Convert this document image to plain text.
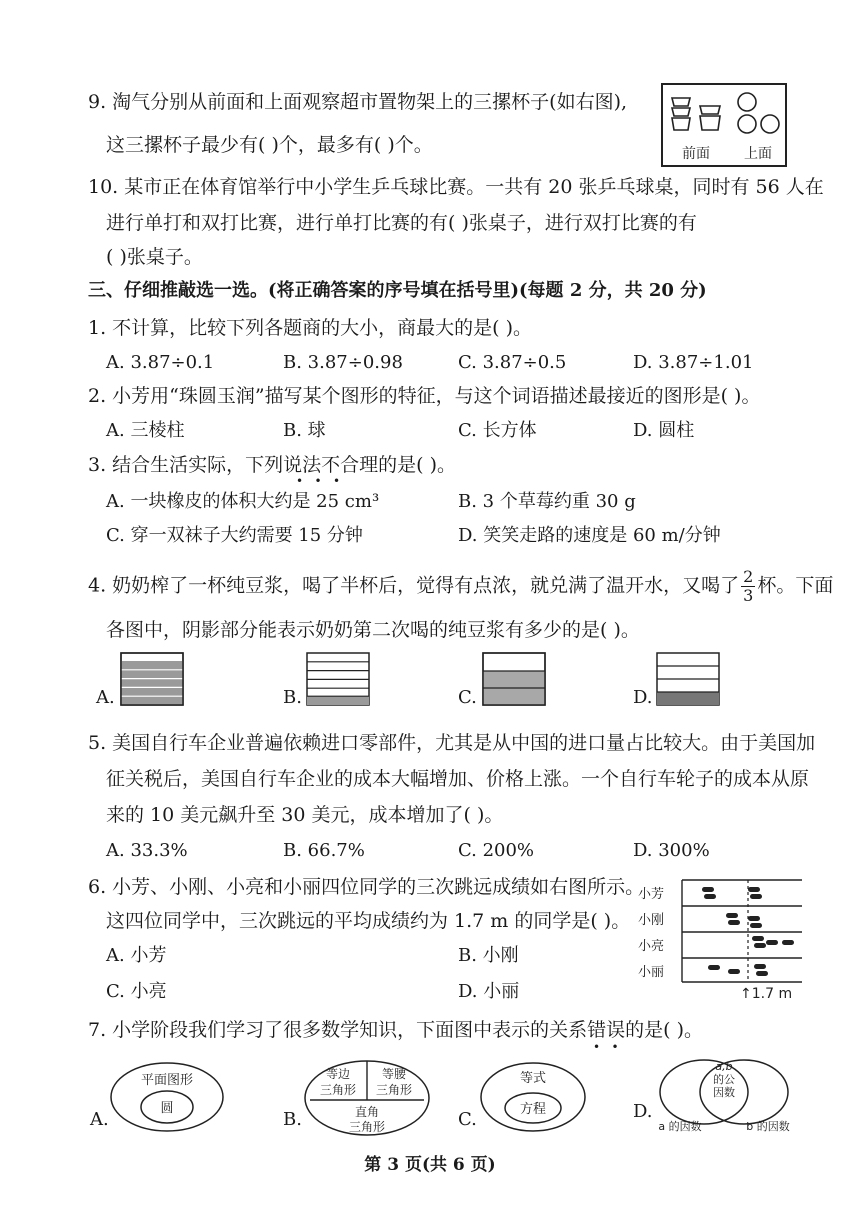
9. 淘气分别从前面和上面观察超市置物架上的三摞杯子(如右图),
这三摞杯子最少有( )个，最多有( )个。	前面 上面
10. 某市正在体育馆举行中小学生乒乓球比赛。一共有 20 张乒乓球桌，同时有 56 人在
进行单打和双打比赛，进行单打比赛的有( )张桌子，进行双打比赛的有
( )张桌子。
三、仔细推敲选一选。(将正确答案的序号填在括号里)(每题 2 分，共 20 分)
1. 不计算，比较下列各题商的大小，商最大的是( )。
A. 3.87÷0.1	B. 3.87÷0.98	C. 3.87÷0.5	D. 3.87÷1.01
2. 小芳用“珠圆玉润”描写某个图形的特征，与这个词语描述最接近的图形是( )。
A. 三棱柱	B. 球	C. 长方体	D. 圆柱
3. 结合生活实际，下列说法不合理的是( )。
•   •   •
A. 一块橡皮的体积大约是 25 cm³	B. 3 个草莓约重 30 g
C. 穿一双袜子大约需要 15 分钟	D. 笑笑走路的速度是 60 m/分钟
4. 奶奶榨了一杯纯豆浆，喝了半杯后，觉得有点浓，就兑满了温开水，又喝了 $\frac{2}{3}$ 杯。下面
各图中，阴影部分能表示奶奶第二次喝的纯豆浆有多少的是( )。
A.	B.	C.	D.
5. 美国自行车企业普遍依赖进口零部件，尤其是从中国的进口量占比较大。由于美国加
征关税后，美国自行车企业的成本大幅增加、价格上涨。一个自行车轮子的成本从原
来的 10 美元飙升至 30 美元，成本增加了( )。
A. 33.3%	B. 66.7%	C. 200%	D. 300%
6. 小芳、小刚、小亮和小丽四位同学的三次跳远成绩如右图所示。
这四位同学中，三次跳远的平均成绩约为 1.7 m 的同学是( )。
A. 小芳	B. 小刚
C. 小亮	D. 小丽
小芳
小刚
小亮
小丽
↑1.7 m
7. 小学阶段我们学习了很多数学知识，下面图中表示的关系错误的是( )。
•   •
A.
平面图形
圆
B.
等边
三角形
等腰
三角形
直角
三角形	C.
等式
方程	D.
a,b
的公
因数
a 的因数	b 的因数
第 3 页(共 6 页)
